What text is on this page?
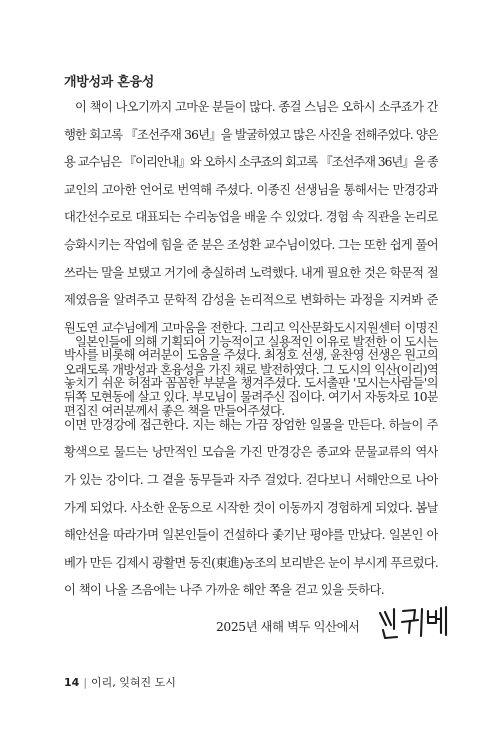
개방성과 혼융성
이 책이 나오기까지 고마운 분들이 많다. 종걸 스님은 오하시 소쿠죠가 간
행한 회고록 『조선주재 36년』을 발굴하였고 많은 사진을 전해주었다. 양은
용 교수님은 『이리안내』와 오하시 소쿠죠의 회고록 『조선주재 36년』을 종
교인의 고아한 언어로 번역해 주셨다. 이종진 선생님을 통해서는 만경강과
대간선수로로 대표되는 수리농업을 배울 수 있었다. 경험 속 직관을 논리로
승화시키는 작업에 힘을 준 분은 조성환 교수님이었다. 그는 또한 쉽게 풀어
쓰라는 말을 보탰고 거기에 충실하려 노력했다. 내게 필요한 것은 학문적 절
제였음을 알려주고 문학적 감성을 논리적으로 변화하는 과정을 지켜봐 준
원도연 교수님에게 고마움을 전한다. 그리고 익산문화도시지원센터 이명진
박사를 비롯해 여러분이 도움을 주셨다. 최정호 선생, 윤찬영 선생은 원고의
놓치기 쉬운 허점과 꼼꼼한 부분을 챙겨주셨다. 도서출판 '모시는사람들'의
편집진 여러분께서 좋은 책을 만들어주셨다.
일본인들에 의해 기획되어 기능적이고 실용적인 이유로 발전한 이 도시는
오래도록 개방성과 혼융성을 가진 채로 발전하였다. 그 도시의 익산(이리)역
뒤쪽 모현동에 살고 있다. 부모님이 물려주신 집이다. 여기서 자동차로 10분
이면 만경강에 접근한다. 지는 해는 가끔 장엄한 일몰을 만든다. 하늘이 주
황색으로 물드는 낭만적인 모습을 가진 만경강은 종교와 문물교류의 역사
가 있는 강이다. 그 곁을 동무들과 자주 걸었다. 걷다보니 서해안으로 나아
가게 되었다. 사소한 운동으로 시작한 것이 이동까지 경험하게 되었다. 봄날
해안선을 따라가며 일본인들이 건설하다 좇기난 평야를 만났다. 일본인 아
베가 만든 김제시 광활면 동진(東進)농조의 보리받은 눈이 부시게 푸르렀다.
이 책이 나올 즈음에는 나주 가까운 해안 쪽을 걷고 있을 듯하다.
2025년 새해 벽두 익산에서
14 | 이리, 잊혀진 도시
